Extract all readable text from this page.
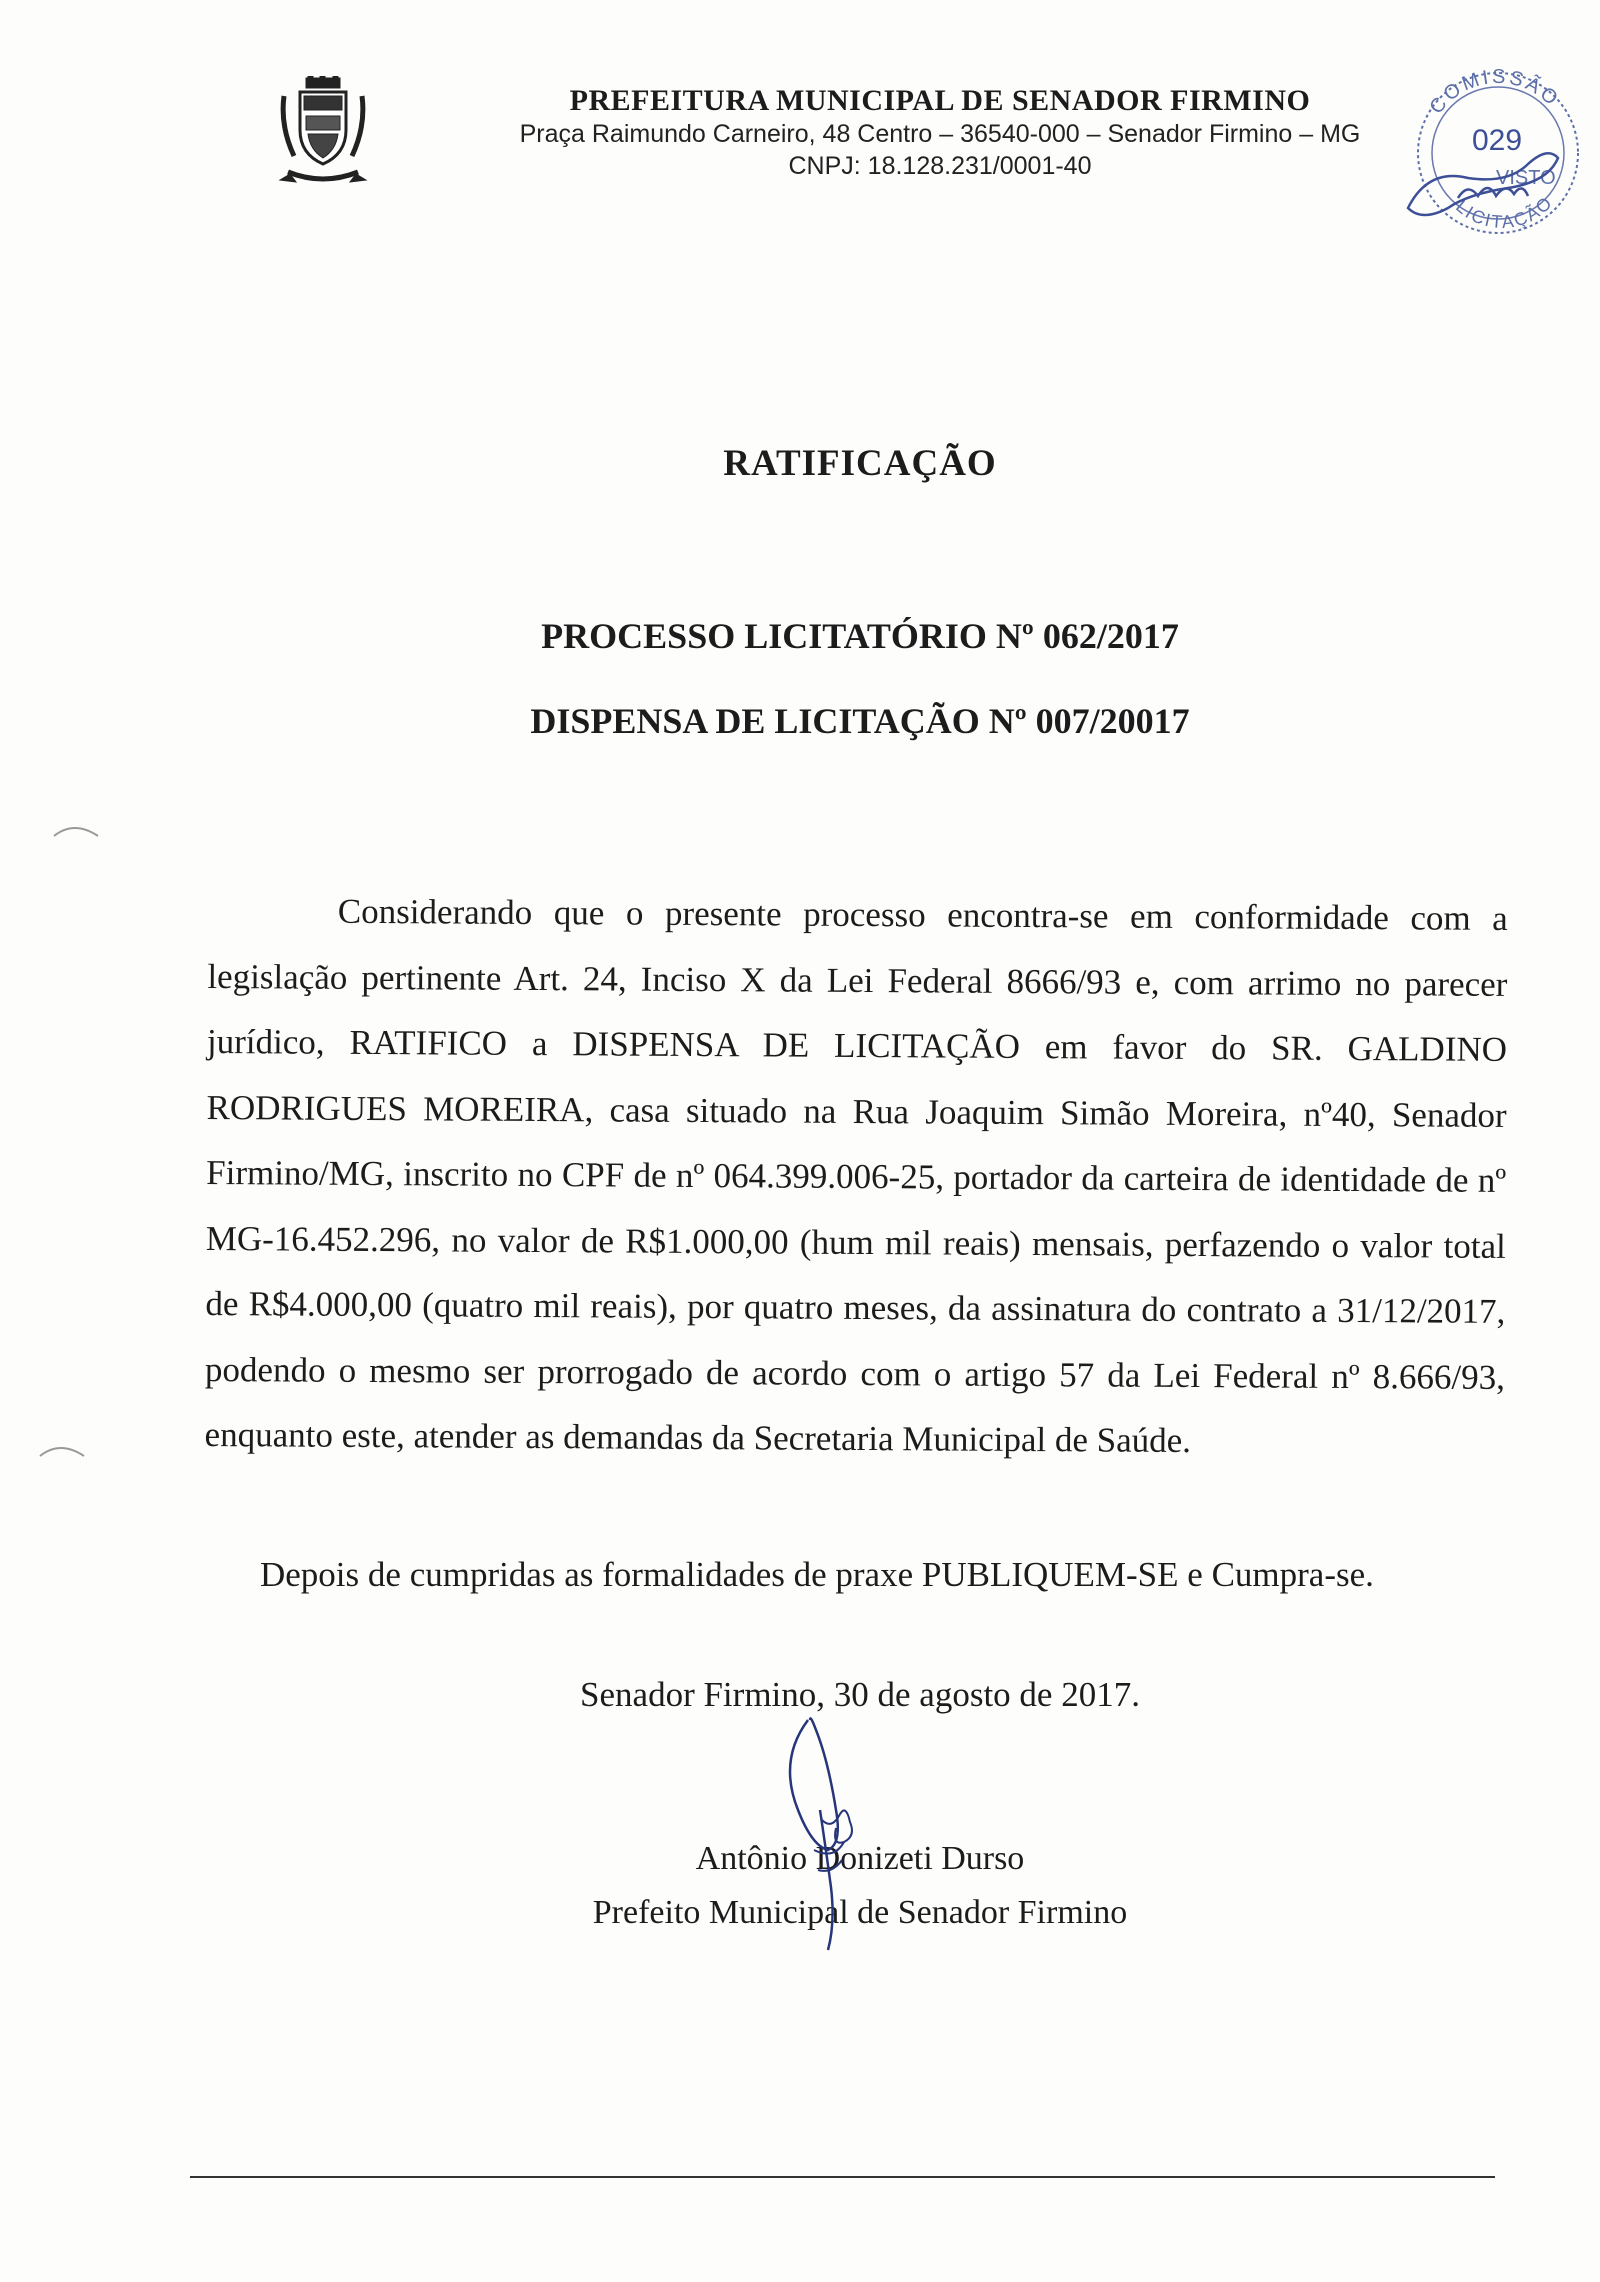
PREFEITURA MUNICIPAL DE SENADOR FIRMINO

Praça Raimundo Carneiro, 48 Centro – 36540-000 – Senador Firmino – MG

CNPJ: 18.128.231/0001-40

COMISSÃO
LICITAÇÃO
029
VISTO

RATIFICAÇÃO

PROCESSO LICITATÓRIO Nº 062/2017

DISPENSA DE LICITAÇÃO Nº 007/20017

Considerando que o presente processo encontra-se em conformidade com a legislação pertinente Art. 24, Inciso X da Lei Federal 8666/93 e, com arrimo no parecer jurídico, RATIFICO a DISPENSA DE LICITAÇÃO em favor do SR. GALDINO RODRIGUES MOREIRA, casa situado na Rua Joaquim Simão Moreira, nº40, Senador Firmino/MG, inscrito no CPF de nº 064.399.006-25, portador da carteira de identidade de nº MG-16.452.296, no valor de R$1.000,00 (hum mil reais) mensais, perfazendo o valor total de R$4.000,00 (quatro mil reais), por quatro meses, da assinatura do contrato a 31/12/2017, podendo o mesmo ser prorrogado de acordo com o artigo 57 da Lei Federal nº 8.666/93, enquanto este, atender as demandas da Secretaria Municipal de Saúde.

Depois de cumpridas as formalidades de praxe PUBLIQUEM-SE e Cumpra-se.

Senador Firmino, 30 de agosto de 2017.

Antônio Donizeti Durso

Prefeito Municipal de Senador Firmino
